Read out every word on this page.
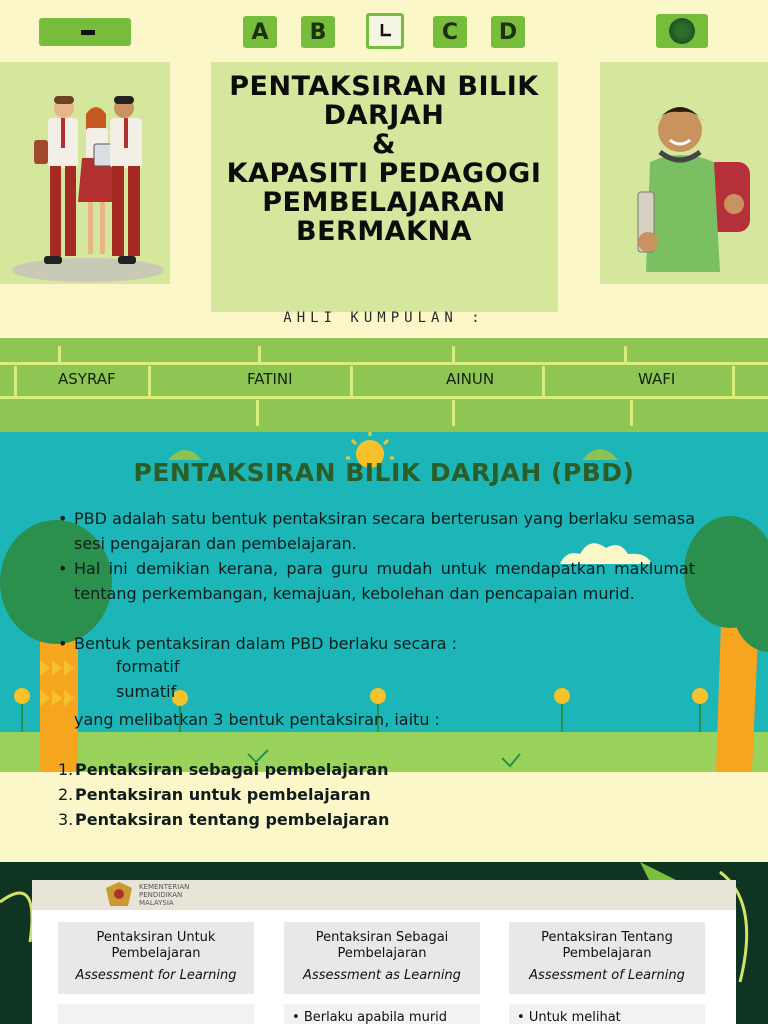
A	B	C	D
PENTAKSIRAN BILIK
DARJAH
&
KAPASITI PEDAGOGI
PEMBELAJARAN
BERMAKNA
AHLI KUMPULAN :
ASYRAF	FATINI	AINUN	WAFI
PENTAKSIRAN BILIK DARJAH (PBD)
• PBD adalah satu bentuk pentaksiran secara berterusan yang berlaku semasa sesi pengajaran dan pembelajaran.
• Hal ini demikian kerana, para guru mudah untuk mendapatkan maklumat tentang perkembangan, kemajuan, kebolehan dan pencapaian murid.
• Bentuk pentaksiran dalam PBD berlaku secara :
formatif
sumatif
yang melibatkan 3 bentuk pentaksiran, iaitu :
1. Pentaksiran sebagai pembelajaran
2. Pentaksiran untuk pembelajaran
3. Pentaksiran tentang pembelajaran
KEMENTERIAN
PENDIDIKAN
MALAYSIA
Pentaksiran Untuk
Pembelajaran
Assessment for Learning
Pentaksiran Sebagai
Pembelajaran
Assessment as Learning
Pentaksiran Tentang
Pembelajaran
Assessment of Learning
• Berlaku apabila murid
•	Untuk melihat
